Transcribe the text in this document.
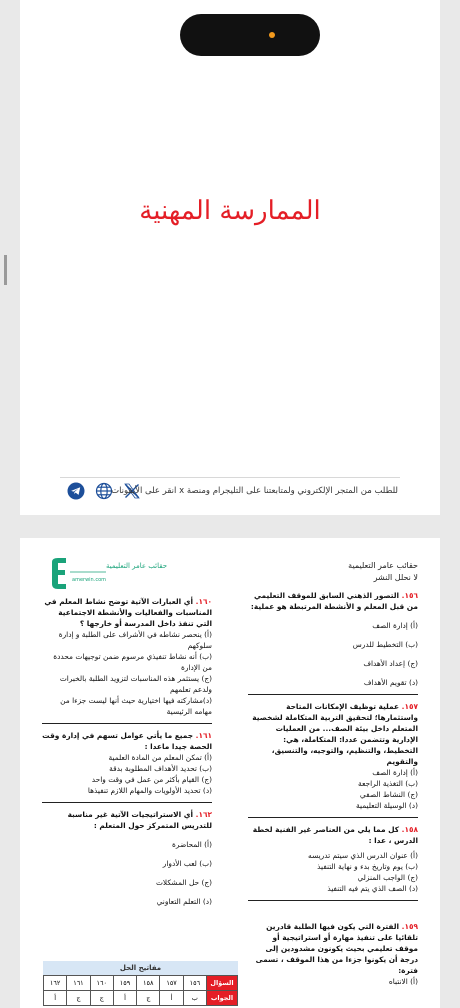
الممارسة المهنية
للطلب من المتجر الإلكتروني ولمتابعتنا على التليجرام ومنصة x انقر على الأيقونات
حقائب عامر التعليمية
لا نحلل النشر
حقائب عامر التعليمية
amerwin.com

١٥٦. التصور الذهني السابق للموقف التعليمي من قبل المعلم و الأنشطة المرتبطة هو عملية:

(أ) إدارة الصف

(ب) التخطيط للدرس

(ج) إعداد الأهداف

(د) تقويم الأهداف

١٥٧. عملية توظيف الإمكانات المتاحة واستثمارها؛ لتحقيق التربية المتكاملة لشخصية المتعلم داخل بيئة الصف... من العمليات الإدارية وتتضمن عددا: المتكاملة، هي: التخطيط، والتنظيم، والتوجيه، والتنسيق، والتقويم

(أ) إدارة الصف

(ب) التغذية الراجعة

(ج) النشاط الصفي

(د) الوسيلة التعليمية

١٥٨. كل مما يلي من العناصر غير الفنية لخطة الدرس ، عدا :

(أ) عنوان الدرس الذي سيتم تدريسه

(ب) يوم وتاريخ بدء و نهاية التنفيذ

(ج) الواجب المنزلي

(د) الصف الذي يتم فيه التنفيذ

١٥٩. الفترة التي يكون فيها الطلبة قادرين تلقائيا على تنفيذ مهارة أو استراتيجية أو موقف تعليمي بحيث يكونون مشدودين إلى درجة أن يكونوا جزءا من هذا الموقف ، تسمى فترة:

(أ) الانتباه

١٦٠. أي العبارات الآتية توضح نشاط المعلم في المناسبات والفعاليات والأنشطة الاجتماعية التي تنفذ داخل المدرسة أو خارجها ؟

(أ) ينحصر نشاطه في الأشراف على الطلبة و إدارة سلوكهم

(ب) أنه نشاط تنفيذي مرسوم ضمن توجيهات محددة من الإدارة

(ج) يستثمر هذه المناسبات لتزويد الطلبة بالخبرات ولدعم تعلمهم

(د)مشاركته فيها اختيارية حيث أنها ليست جزءا من مهامه الرئيسية

١٦١. جميع ما يأتي عوامل تسهم في إدارة وقت الحصة جيدا ماعدا :

(أ) تمكن المعلم من المادة العلمية

(ب) تحديد الأهداف المطلوبة بدقة

(ج) القيام بأكثر من عمل في وقت واحد

(د) تحديد الأولويات والمهام اللازم تنفيذها

١٦٢. أي الاستراتيجيات الآتية غير مناسبة للتدريس المتمركز حول المتعلم :

(أ) المحاضرة

(ب) لعب الأدوار

(ج) حل المشكلات

(د) التعلم التعاوني

مفاتيح الحل
السؤال	١٥٦	١٥٧	١٥٨	١٥٩	١٦٠	١٦١	١٦٢
الجواب	ب	أ	ج	أ	ج	ج	أ
